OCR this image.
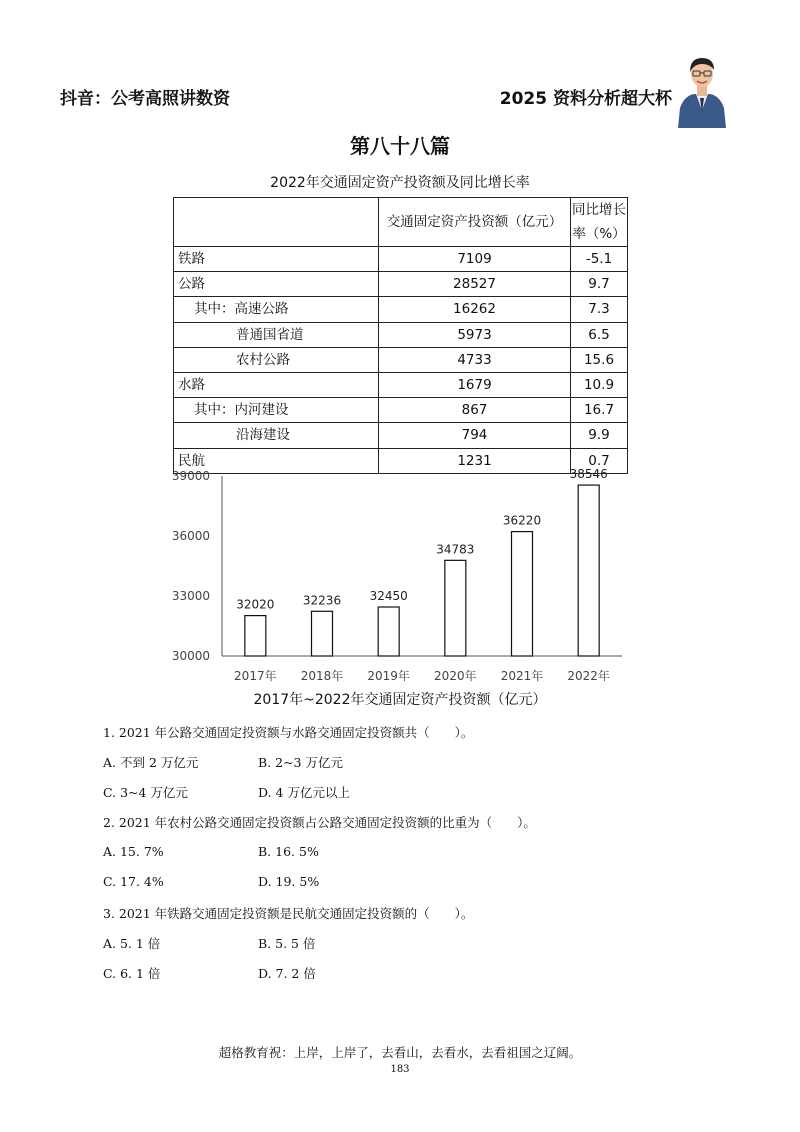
抖音：公考高照讲数资	2025 资料分析超大杯
第八十八篇
2022年交通固定资产投资额及同比增长率
	交通固定资产投资额（亿元）	同比增长率（%）
铁路	7109	-5.1
公路	28527	9.7
其中：高速公路	16262	7.3
普通国省道	5973	6.5
农村公路	4733	15.6
水路	1679	10.9
其中：内河建设	867	16.7
沿海建设	794	9.9
民航	1231	0.7
30000
33000
36000
39000
32020
2017年
32236
2018年
32450
2019年
34783
2020年
36220
2021年
38546
2022年
2017年~2022年交通固定资产投资额（亿元）
1. 2021 年公路交通固定投资额与水路交通固定投资额共（　　）。
A. 不到 2 万亿元	B. 2~3 万亿元
C. 3~4 万亿元	D. 4 万亿元以上
2. 2021 年农村公路交通固定投资额占公路交通固定投资额的比重为（　　）。
A. 15. 7%	B. 16. 5%
C. 17. 4%	D. 19. 5%
3. 2021 年铁路交通固定投资额是民航交通固定投资额的（　　）。
A. 5. 1 倍	B. 5. 5 倍
C. 6. 1 倍	D. 7. 2 倍
超格教育祝：上岸，上岸了，去看山，去看水，去看祖国之辽阔。
183
